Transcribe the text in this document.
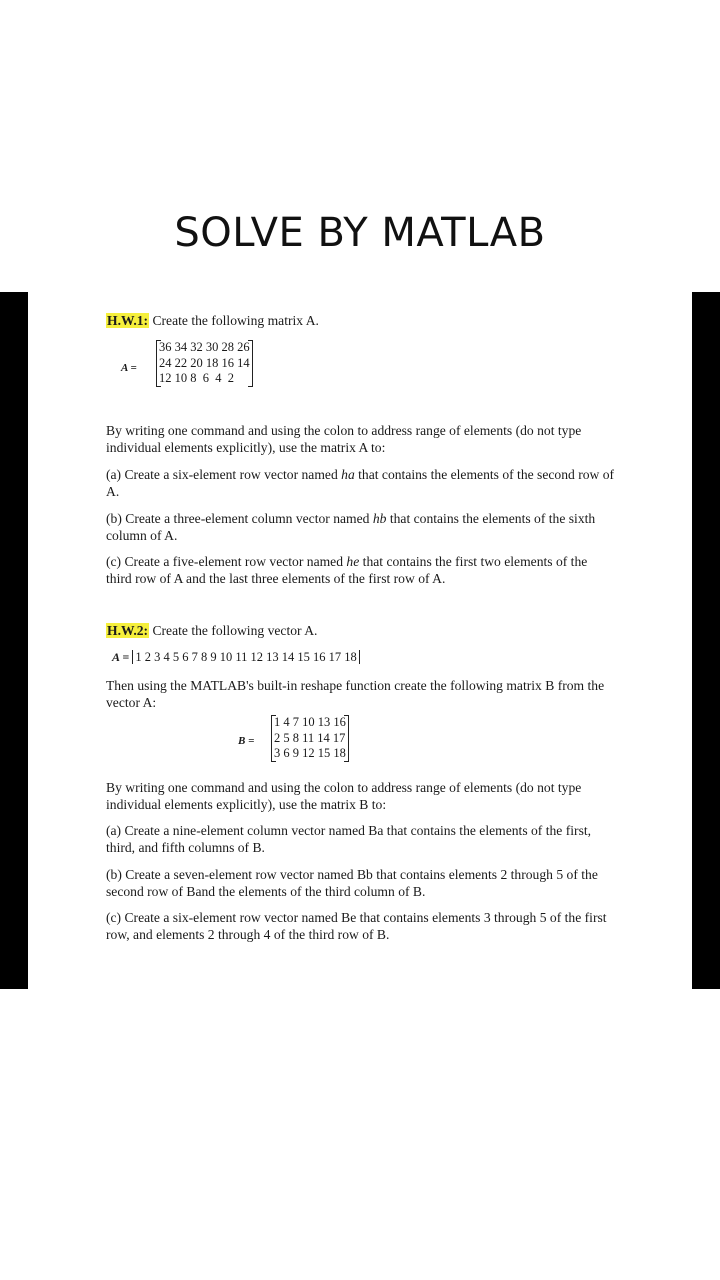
SOLVE BY MATLAB
H.W.1: Create the following matrix A.
A =
36 34 32 30 28 26
24 22 20 18 16 14
12 10 8  6  4  2
By writing one command and using the colon to address range of elements (do not type individual elements explicitly), use the matrix A to:
(a) Create a six-element row vector named ha that contains the elements of the second row of A.
(b) Create a three-element column vector named hb that contains the elements of the sixth column of A.
(c) Create a five-element row vector named he that contains the first two elements of the third row of A and the last three elements of the first row of A.
H.W.2: Create the following vector A.
A = 1 2 3 4 5 6 7 8 9 10 11 12 13 14 15 16 17 18
Then using the MATLAB's built-in reshape function create the following matrix B from the vector A:
B =
1 4 7 10 13 16
2 5 8 11 14 17
3 6 9 12 15 18
By writing one command and using the colon to address range of elements (do not type individual elements explicitly), use the matrix B to:
(a) Create a nine-element column vector named Ba that contains the elements of the first, third, and fifth columns of B.
(b) Create a seven-element row vector named Bb that contains elements 2 through 5 of the second row of Band the elements of the third column of B.
(c) Create a six-element row vector named Be that contains elements 3 through 5 of the first row, and elements 2 through 4 of the third row of B.
